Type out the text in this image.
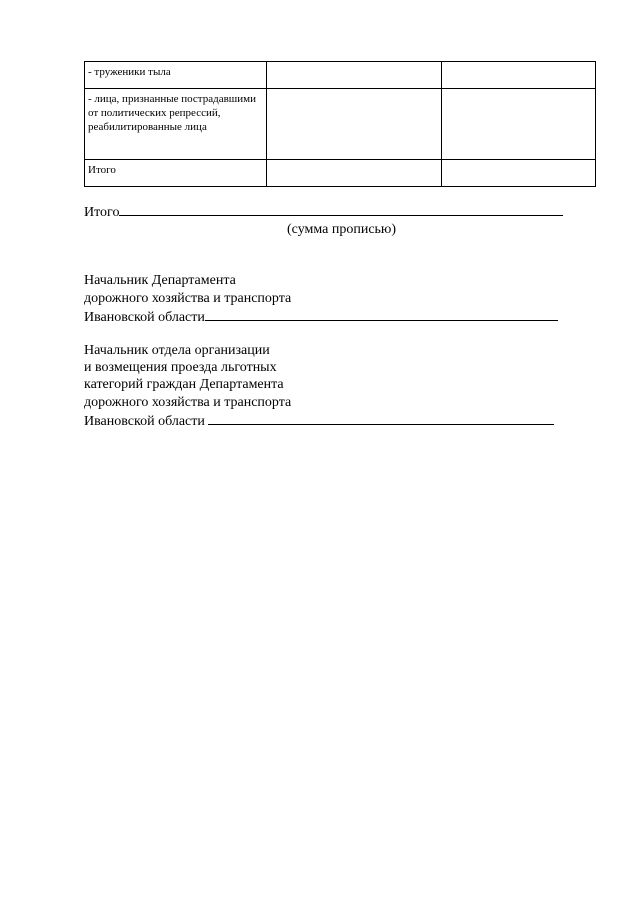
- труженики тыла		
- лица, признанные пострадавшими от политических репрессий, реабилитированные лица		
Итого		
Итого
(сумма прописью)
Начальник Департамента
дорожного хозяйства и транспорта
Ивановской области
Начальник отдела организации
и возмещения проезда льготных
категорий граждан Департамента
дорожного хозяйства и транспорта
Ивановской области
